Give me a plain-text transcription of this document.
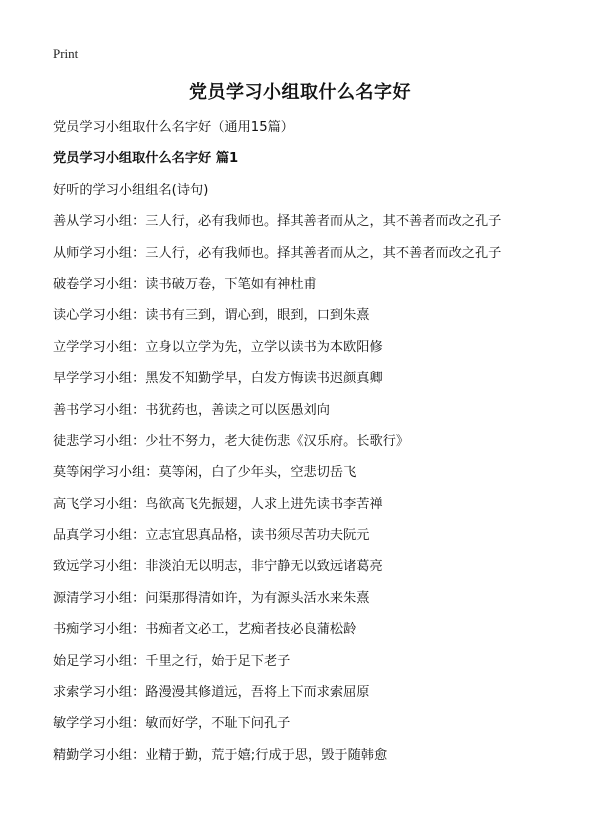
Print
党员学习小组取什么名字好
党员学习小组取什么名字好（通用15篇）
党员学习小组取什么名字好 篇1
好听的学习小组组名(诗句)
善从学习小组：三人行，必有我师也。择其善者而从之，其不善者而改之孔子
从师学习小组：三人行，必有我师也。择其善者而从之，其不善者而改之孔子
破卷学习小组：读书破万卷，下笔如有神杜甫
读心学习小组：读书有三到，谓心到，眼到，口到朱熹
立学学习小组：立身以立学为先，立学以读书为本欧阳修
早学学习小组：黑发不知勤学早，白发方悔读书迟颜真卿
善书学习小组：书犹药也，善读之可以医愚刘向
徒悲学习小组：少壮不努力，老大徒伤悲《汉乐府。长歌行》
莫等闲学习小组：莫等闲，白了少年头，空悲切岳飞
高飞学习小组：鸟欲高飞先振翅，人求上进先读书李苦禅
品真学习小组：立志宜思真品格，读书须尽苦功夫阮元
致远学习小组：非淡泊无以明志，非宁静无以致远诸葛亮
源清学习小组：问渠那得清如许，为有源头活水来朱熹
书痴学习小组：书痴者文必工，艺痴者技必良蒲松龄
始足学习小组：千里之行，始于足下老子
求索学习小组：路漫漫其修道远，吾将上下而求索屈原
敏学学习小组：敏而好学，不耻下问孔子
精勤学习小组：业精于勤，荒于嬉;行成于思，毁于随韩愈
